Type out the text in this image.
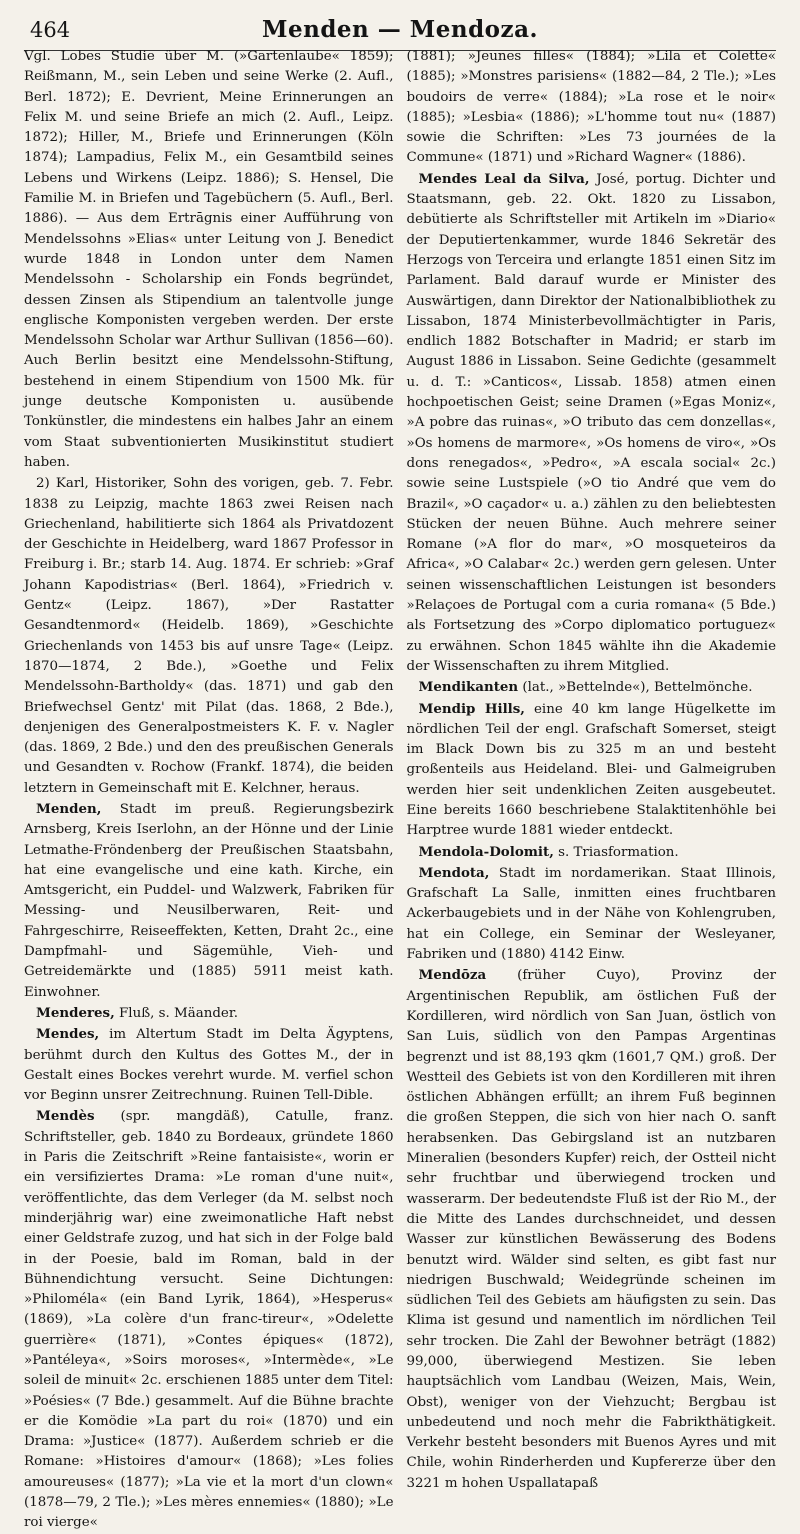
464	Menden — Mendoza.

Vgl. Lobes Studie über M. (»Gartenlaube« 1859); Reißmann, M., sein Leben und seine Werke (2. Aufl., Berl. 1872); E. Devrient, Meine Erinnerungen an Felix M. und seine Briefe an mich (2. Aufl., Leipz. 1872); Hiller, M., Briefe und Erinnerungen (Köln 1874); Lampadius, Felix M., ein Gesamtbild seines Lebens und Wirkens (Leipz. 1886); S. Hensel, Die Familie M. in Briefen und Tagebüchern (5. Aufl., Berl. 1886). — Aus dem Ertrāgnis einer Aufführung von Mendelssohns »Elias« unter Leitung von J. Benedict wurde 1848 in London unter dem Namen Mendelssohn - Scholarship ein Fonds begründet, dessen Zinsen als Stipendium an talentvolle junge englische Komponisten vergeben werden. Der erste Mendelssohn Scholar war Arthur Sullivan (1856—60). Auch Berlin besitzt eine Mendelssohn-Stiftung, bestehend in einem Stipendium von 1500 Mk. für junge deutsche Komponisten u. ausübende Tonkünstler, die mindestens ein halbes Jahr an einem vom Staat subventionierten Musikinstitut studiert haben.

2) Karl, Historiker, Sohn des vorigen, geb. 7. Febr. 1838 zu Leipzig, machte 1863 zwei Reisen nach Griechenland, habilitierte sich 1864 als Privatdozent der Geschichte in Heidelberg, ward 1867 Professor in Freiburg i. Br.; starb 14. Aug. 1874. Er schrieb: »Graf Johann Kapodistrias« (Berl. 1864), »Friedrich v. Gentz« (Leipz. 1867), »Der Rastatter Gesandtenmord« (Heidelb. 1869), »Geschichte Griechenlands von 1453 bis auf unsre Tage« (Leipz. 1870—1874, 2 Bde.), »Goethe und Felix Mendelssohn-Bartholdy« (das. 1871) und gab den Briefwechsel Gentz' mit Pilat (das. 1868, 2 Bde.), denjenigen des Generalpostmeisters K. F. v. Nagler (das. 1869, 2 Bde.) und den des preußischen Generals und Gesandten v. Rochow (Frankf. 1874), die beiden letztern in Gemeinschaft mit E. Kelchner, heraus.

Menden, Stadt im preuß. Regierungsbezirk Arnsberg, Kreis Iserlohn, an der Hönne und der Linie Letmathe-Fröndenberg der Preußischen Staatsbahn, hat eine evangelische und eine kath. Kirche, ein Amtsgericht, ein Puddel- und Walzwerk, Fabriken für Messing- und Neusilberwaren, Reit- und Fahrgeschirre, Reiseeffekten, Ketten, Draht 2c., eine Dampfmahl- und Sägemühle, Vieh- und Getreidemärkte und (1885) 5911 meist kath. Einwohner.

Menderes, Fluß, s. Mäander.

Mendes, im Altertum Stadt im Delta Ägyptens, berühmt durch den Kultus des Gottes M., der in Gestalt eines Bockes verehrt wurde. M. verfiel schon vor Beginn unsrer Zeitrechnung. Ruinen Tell-Dible.

Mendès (spr. mangdäß), Catulle, franz. Schriftsteller, geb. 1840 zu Bordeaux, gründete 1860 in Paris die Zeitschrift »Reine fantaisiste«, worin er ein versifiziertes Drama: »Le roman d'une nuit«, veröffentlichte, das dem Verleger (da M. selbst noch minderjährig war) eine zweimonatliche Haft nebst einer Geldstrafe zuzog, und hat sich in der Folge bald in der Poesie, bald im Roman, bald in der Bühnendichtung versucht. Seine Dichtungen: »Philoméla« (ein Band Lyrik, 1864), »Hesperus« (1869), »La colère d'un franc-tireur«, »Odelette guerrière« (1871), »Contes épiques« (1872), »Pantéleya«, »Soirs moroses«, »Intermède«, »Le soleil de minuit« 2c. erschienen 1885 unter dem Titel: »Poésies« (7 Bde.) gesammelt. Auf die Bühne brachte er die Komödie »La part du roi« (1870) und ein Drama: »Justice« (1877). Außerdem schrieb er die Romane: »Histoires d'amour« (1868); »Les folies amoureuses« (1877); »La vie et la mort d'un clown« (1878—79, 2 Tle.); »Les mères ennemies« (1880); »Le roi vierge«

(1881); »Jeunes filles« (1884); »Lila et Colette« (1885); »Monstres parisiens« (1882—84, 2 Tle.); »Les boudoirs de verre« (1884); »La rose et le noir« (1885); »Lesbia« (1886); »L'homme tout nu« (1887) sowie die Schriften: »Les 73 journées de la Commune« (1871) und »Richard Wagner« (1886).

Mendes Leal da Silva, José, portug. Dichter und Staatsmann, geb. 22. Okt. 1820 zu Lissabon, debütierte als Schriftsteller mit Artikeln im »Diario« der Deputiertenkammer, wurde 1846 Sekretär des Herzogs von Terceira und erlangte 1851 einen Sitz im Parlament. Bald darauf wurde er Minister des Auswärtigen, dann Direktor der Nationalbibliothek zu Lissabon, 1874 Ministerbevollmächtigter in Paris, endlich 1882 Botschafter in Madrid; er starb im August 1886 in Lissabon. Seine Gedichte (gesammelt u. d. T.: »Canticos«, Lissab. 1858) atmen einen hochpoetischen Geist; seine Dramen (»Egas Moniz«, »A pobre das ruinas«, »O tributo das cem donzellas«, »Os homens de marmore«, »Os homens de viro«, »Os dons renegados«, »Pedro«, »A escala social« 2c.) sowie seine Lustspiele (»O tio André que vem do Brazil«, »O caçador« u. a.) zählen zu den beliebtesten Stücken der neuen Bühne. Auch mehrere seiner Romane (»A flor do mar«, »O mosqueteiros da Africa«, »O Calabar« 2c.) werden gern gelesen. Unter seinen wissenschaftlichen Leistungen ist besonders »Relaçoes de Portugal com a curia romana« (5 Bde.) als Fortsetzung des »Corpo diplomatico portuguez« zu erwähnen. Schon 1845 wählte ihn die Akademie der Wissenschaften zu ihrem Mitglied.

Mendikanten (lat., »Bettelnde«), Bettelmönche.

Mendip Hills, eine 40 km lange Hügelkette im nördlichen Teil der engl. Grafschaft Somerset, steigt im Black Down bis zu 325 m an und besteht großenteils aus Heideland. Blei- und Galmeigruben werden hier seit undenklichen Zeiten ausgebeutet. Eine bereits 1660 beschriebene Stalaktitenhöhle bei Harptree wurde 1881 wieder entdeckt.

Mendola-Dolomit, s. Triasformation.

Mendota, Stadt im nordamerikan. Staat Illinois, Grafschaft La Salle, inmitten eines fruchtbaren Ackerbaugebiets und in der Nähe von Kohlengruben, hat ein College, ein Seminar der Wesleyaner, Fabriken und (1880) 4142 Einw.

Mendōza (früher Cuyo), Provinz der Argentinischen Republik, am östlichen Fuß der Kordilleren, wird nördlich von San Juan, östlich von San Luis, südlich von den Pampas Argentinas begrenzt und ist 88,193 qkm (1601,7 QM.) groß. Der Westteil des Gebiets ist von den Kordilleren mit ihren östlichen Abhängen erfüllt; an ihrem Fuß beginnen die großen Steppen, die sich von hier nach O. sanft herabsenken. Das Gebirgsland ist an nutzbaren Mineralien (besonders Kupfer) reich, der Ostteil nicht sehr fruchtbar und überwiegend trocken und wasserarm. Der bedeutendste Fluß ist der Rio M., der die Mitte des Landes durchschneidet, und dessen Wasser zur künstlichen Bewässerung des Bodens benutzt wird. Wälder sind selten, es gibt fast nur niedrigen Buschwald; Weidegründe scheinen im südlichen Teil des Gebiets am häufigsten zu sein. Das Klima ist gesund und namentlich im nördlichen Teil sehr trocken. Die Zahl der Bewohner beträgt (1882) 99,000, überwiegend Mestizen. Sie leben hauptsächlich vom Landbau (Weizen, Mais, Wein, Obst), weniger von der Viehzucht; Bergbau ist unbedeutend und noch mehr die Fabrikthätigkeit. Verkehr besteht besonders mit Buenos Ayres und mit Chile, wohin Rinderherden und Kupfererze über den 3221 m hohen Uspallatapaß
